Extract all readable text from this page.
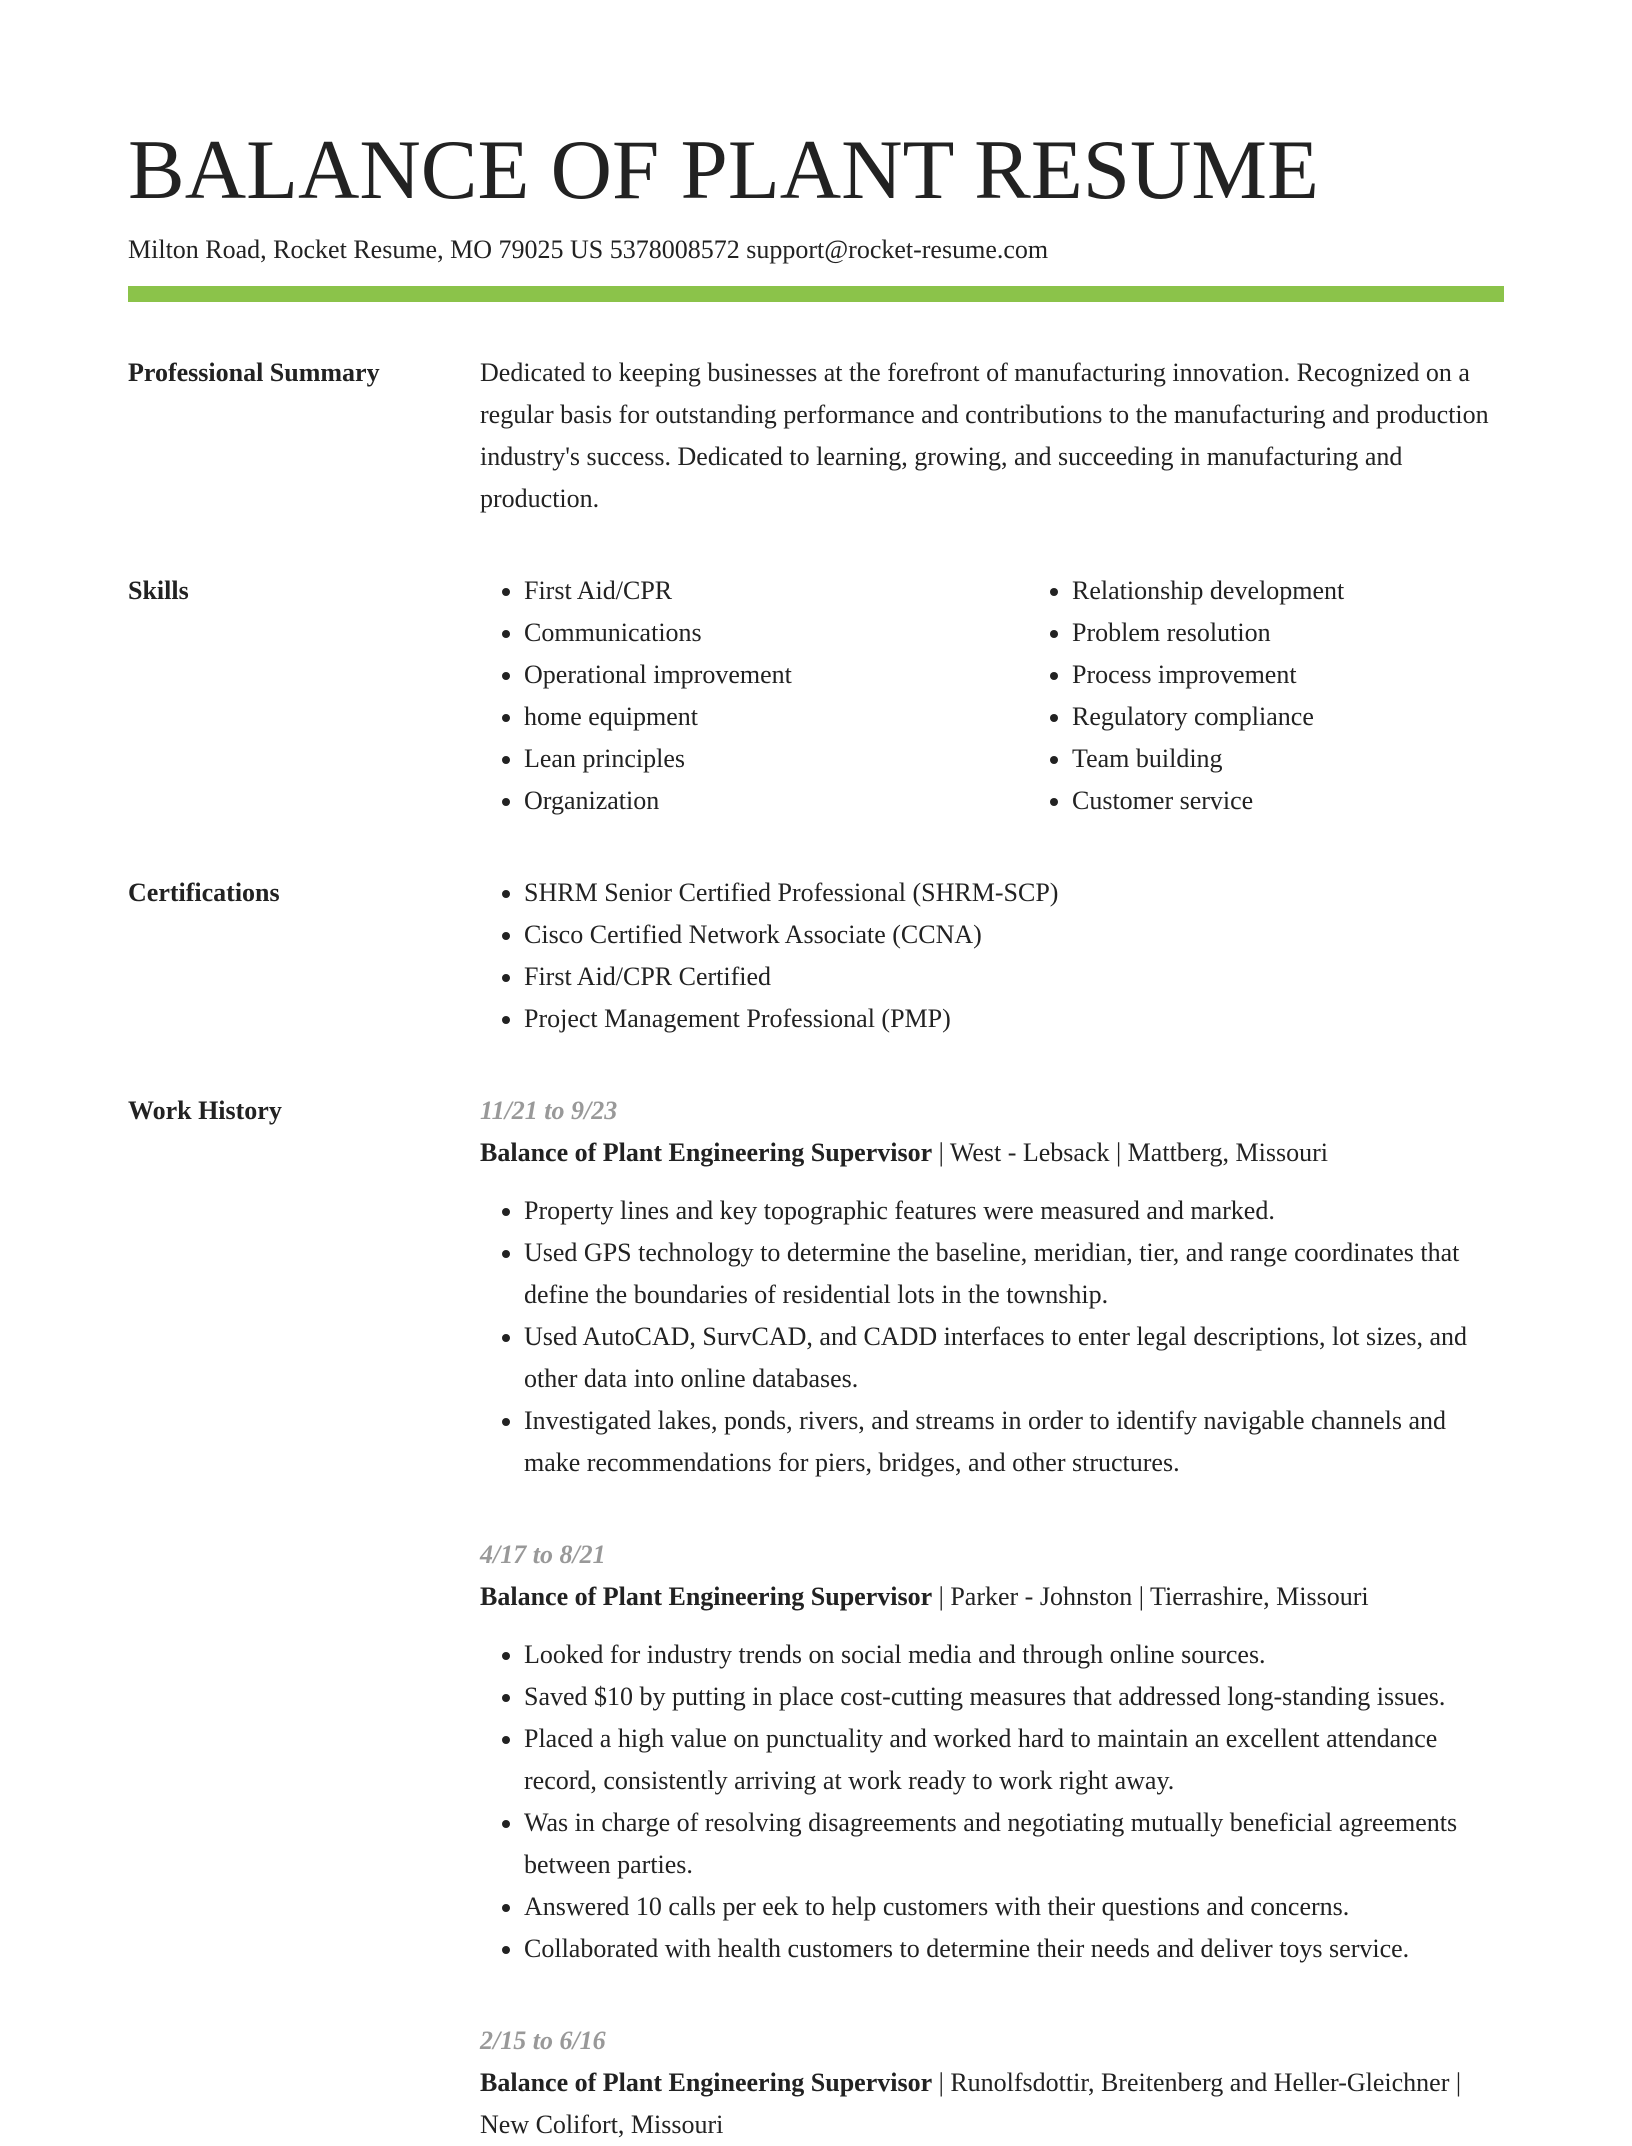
BALANCE OF PLANT RESUME
Milton Road, Rocket Resume, MO 79025 US 5378008572 support@rocket-resume.com
Professional Summary	Dedicated to keeping businesses at the forefront of manufacturing innovation. Recognized on a regular basis for outstanding performance and contributions to the manufacturing and production industry's success. Dedicated to learning, growing, and succeeding in manufacturing and production.
Skills	• First Aid/CPR
• Communications
• Operational improvement
• home equipment
• Lean principles
• Organization
• Relationship development
• Problem resolution
• Process improvement
• Regulatory compliance
• Team building
• Customer service
Certifications	• SHRM Senior Certified Professional (SHRM-SCP)
• Cisco Certified Network Associate (CCNA)
• First Aid/CPR Certified
• Project Management Professional (PMP)
Work History	11/21 to 9/23
Balance of Plant Engineering Supervisor | West - Lebsack | Mattberg, Missouri
• Property lines and key topographic features were measured and marked.
• Used GPS technology to determine the baseline, meridian, tier, and range coordinates that define the boundaries of residential lots in the township.
• Used AutoCAD, SurvCAD, and CADD interfaces to enter legal descriptions, lot sizes, and other data into online databases.
• Investigated lakes, ponds, rivers, and streams in order to identify navigable channels and make recommendations for piers, bridges, and other structures.
4/17 to 8/21
Balance of Plant Engineering Supervisor | Parker - Johnston | Tierrashire, Missouri
• Looked for industry trends on social media and through online sources.
• Saved $10 by putting in place cost-cutting measures that addressed long-standing issues.
• Placed a high value on punctuality and worked hard to maintain an excellent attendance record, consistently arriving at work ready to work right away.
• Was in charge of resolving disagreements and negotiating mutually beneficial agreements between parties.
• Answered 10 calls per eek to help customers with their questions and concerns.
• Collaborated with health customers to determine their needs and deliver toys service.
2/15 to 6/16
Balance of Plant Engineering Supervisor | Runolfsdottir, Breitenberg and Heller-Gleichner | New Colifort, Missouri
